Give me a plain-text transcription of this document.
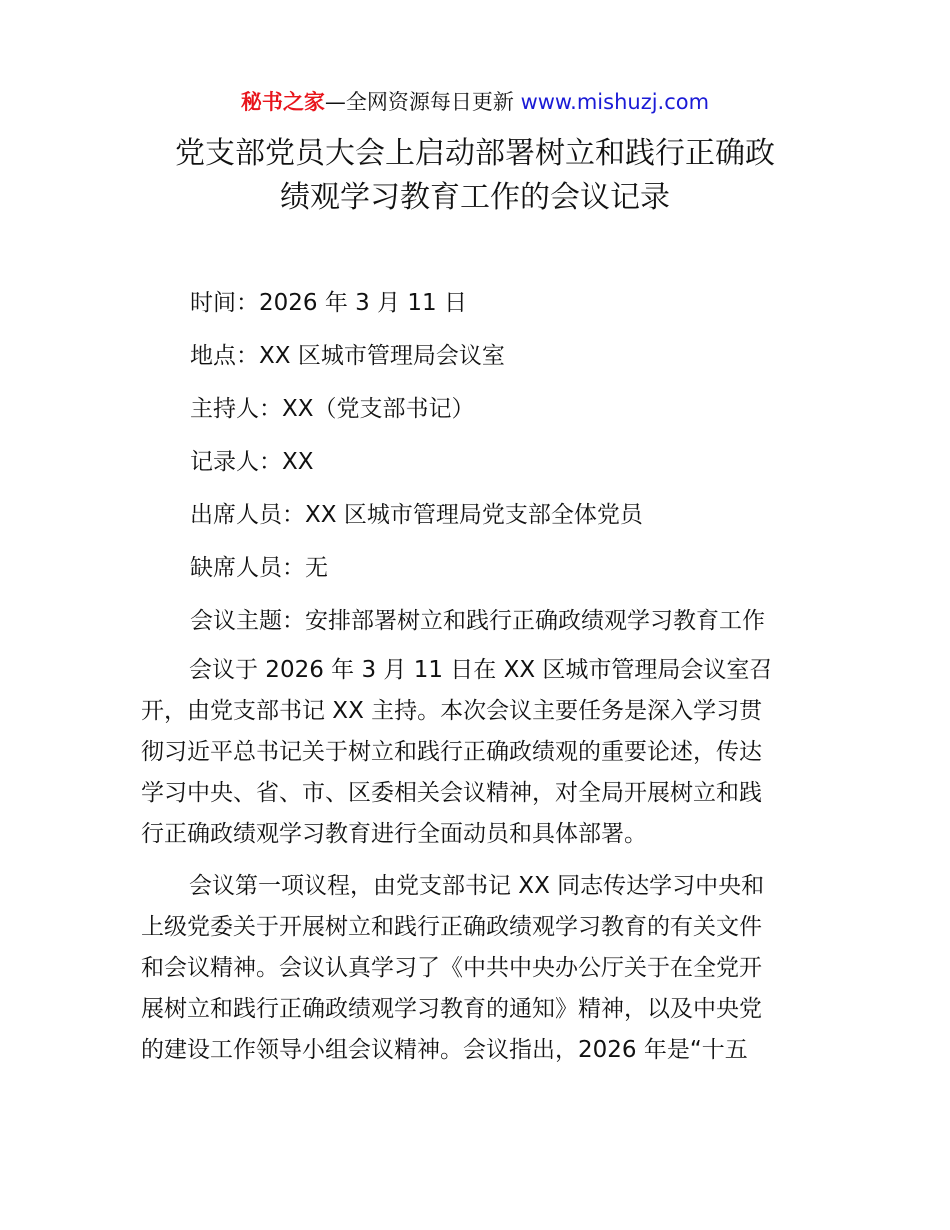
秘书之家—全网资源每日更新 www.mishuzj.com
党支部党员大会上启动部署树立和践行正确政
绩观学习教育工作的会议记录
时间：2026 年 3 月 11 日
地点：XX 区城市管理局会议室
主持人：XX（党支部书记）
记录人：XX
出席人员：XX 区城市管理局党支部全体党员
缺席人员：无
会议主题：安排部署树立和践行正确政绩观学习教育工作
会议于 2026 年 3 月 11 日在 XX 区城市管理局会议室召
开，由党支部书记 XX 主持。本次会议主要任务是深入学习贯
彻习近平总书记关于树立和践行正确政绩观的重要论述，传达
学习中央、省、市、区委相关会议精神，对全局开展树立和践
行正确政绩观学习教育进行全面动员和具体部署。
会议第一项议程，由党支部书记 XX 同志传达学习中央和
上级党委关于开展树立和践行正确政绩观学习教育的有关文件
和会议精神。会议认真学习了《中共中央办公厅关于在全党开
展树立和践行正确政绩观学习教育的通知》精神，以及中央党
的建设工作领导小组会议精神。会议指出，2026 年是“十五
